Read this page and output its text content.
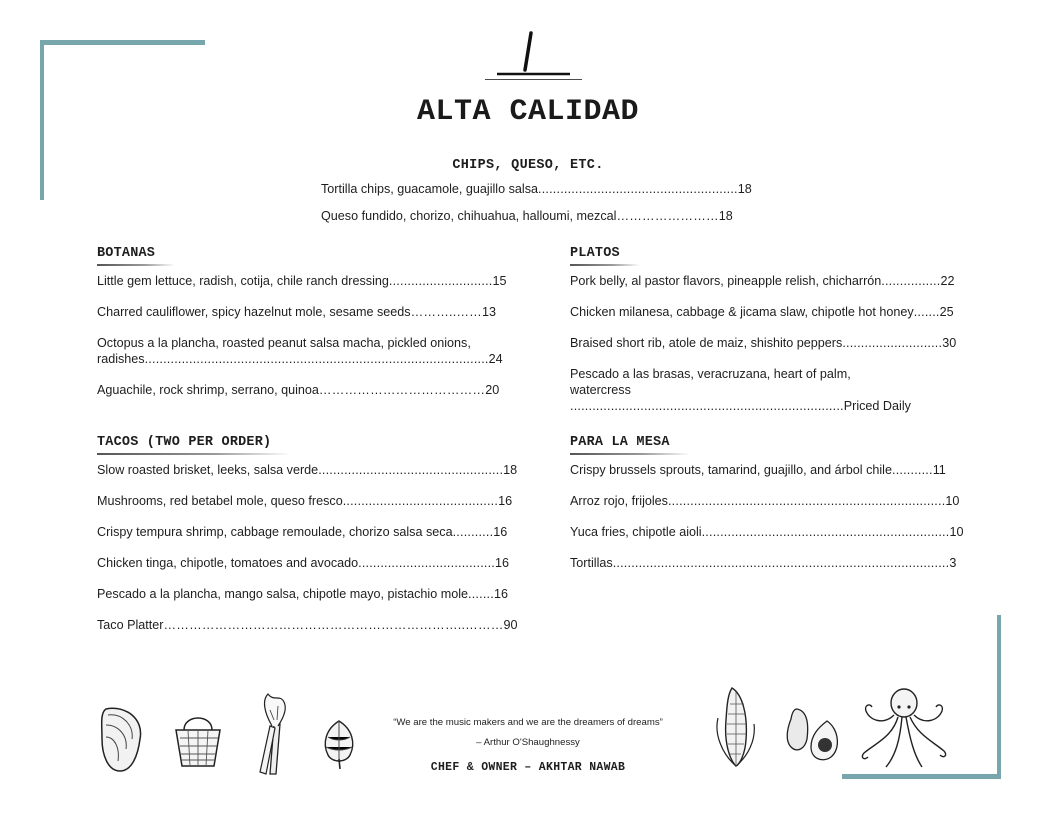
ALTA CALIDAD
CHIPS, QUESO, ETC.
Tortilla chips, guacamole, guajillo salsa......................................................18
Queso fundido, chorizo, chihuahua, halloumi, mezcal……………………18
BOTANAS
Little gem lettuce, radish, cotija, chile ranch dressing............................15
Charred cauliflower, spicy hazelnut mole, sesame seeds………..……13
Octopus a la plancha, roasted peanut salsa macha, pickled onions, radishes.............................................................................................24
Aguachile, rock shrimp, serrano, quinoa…………………………………20
TACOS (TWO PER ORDER)
Slow roasted brisket, leeks, salsa verde..................................................18
Mushrooms, red betabel mole, queso fresco..........................................16
Crispy tempura shrimp, cabbage remoulade, chorizo salsa seca...........16
Chicken tinga, chipotle, tomatoes and avocado.....................................16
Pescado a la plancha, mango salsa, chipotle mayo, pistachio mole.......16
Taco Platter……………………………………………………………..………90
PLATOS
Pork belly, al pastor flavors, pineapple relish, chicharrón................22
Chicken milanesa, cabbage & jicama slaw, chipotle hot honey.......25
Braised short rib, atole de maiz, shishito peppers...........................30
Pescado a las brasas, veracruzana, heart of palm, watercress
..........................................................................Priced Daily
PARA LA MESA
Crispy brussels sprouts, tamarind, guajillo, and árbol chile...........11
Arroz rojo, frijoles...........................................................................10
Yuca fries, chipotle aioli...................................................................10
Tortillas...........................................................................................3
“We are the music makers and we are the dreamers of dreams”
– Arthur O'Shaughnessy
CHEF & OWNER – AKHTAR NAWAB
